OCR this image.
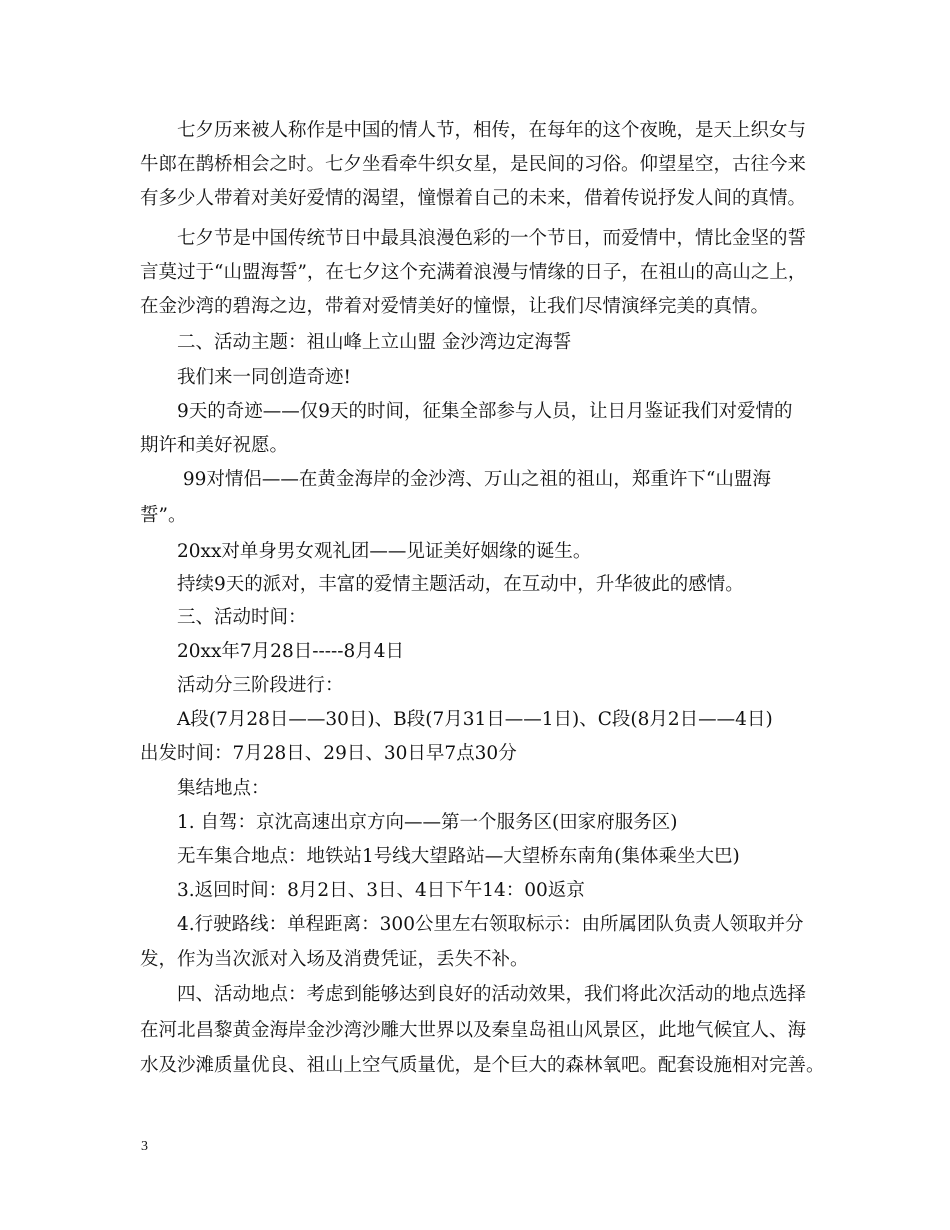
　　七夕历来被人称作是中国的情人节，相传，在每年的这个夜晚，是天上织女与
牛郎在鹊桥相会之时。七夕坐看牵牛织女星，是民间的习俗。仰望星空，古往今来
有多少人带着对美好爱情的渴望，憧憬着自己的未来，借着传说抒发人间的真情。
　　七夕节是中国传统节日中最具浪漫色彩的一个节日，而爱情中，情比金坚的誓
言莫过于“山盟海誓”，在七夕这个充满着浪漫与情缘的日子，在祖山的高山之上，
在金沙湾的碧海之边，带着对爱情美好的憧憬，让我们尽情演绎完美的真情。
　　二、活动主题：祖山峰上立山盟 金沙湾边定海誓
　　我们来一同创造奇迹!
　　9天的奇迹——仅9天的时间，征集全部参与人员，让日月鉴证我们对爱情的
期许和美好祝愿。
　　 99对情侣——在黄金海岸的金沙湾、万山之祖的祖山，郑重许下“山盟海
誓”。
　　20xx对单身男女观礼团——见证美好姻缘的诞生。
　　持续9天的派对，丰富的爱情主题活动，在互动中，升华彼此的感情。
　　三、活动时间：
　　20xx年7月28日-----8月4日
　　活动分三阶段进行：
　　A段(7月28日——30日)、B段(7月31日——1日)、C段(8月2日——4日)
出发时间：7月28日、29日、30日早7点30分
　　集结地点：
　　1. 自驾：京沈高速出京方向——第一个服务区(田家府服务区)
　　无车集合地点：地铁站1号线大望路站—大望桥东南角(集体乘坐大巴)
　　3.返回时间：8月2日、3日、4日下午14：00返京
　　4.行驶路线：单程距离：300公里左右领取标示：由所属团队负责人领取并分
发，作为当次派对入场及消费凭证，丢失不补。
　　四、活动地点：考虑到能够达到良好的活动效果，我们将此次活动的地点选择
在河北昌黎黄金海岸金沙湾沙雕大世界以及秦皇岛祖山风景区，此地气候宜人、海
水及沙滩质量优良、祖山上空气质量优，是个巨大的森林氧吧。配套设施相对完善。
3
